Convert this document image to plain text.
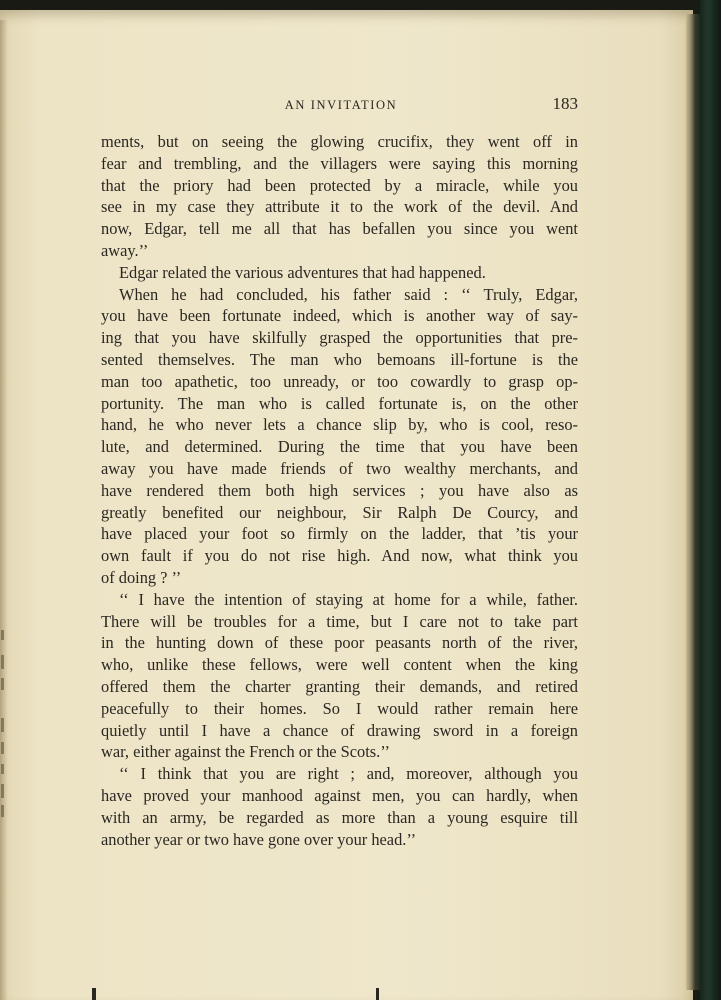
AN INVITATION	183
ments, but on seeing the glowing crucifix, they went off in
fear and trembling, and the villagers were saying this morning
that the priory had been protected by a miracle, while you
see in my case they attribute it to the work of the devil. And
now, Edgar, tell me all that has befallen you since you went
away.’’
Edgar related the various adventures that had happened.
When he had concluded, his father said : ‘‘ Truly, Edgar,
you have been fortunate indeed, which is another way of say-
ing that you have skilfully grasped the opportunities that pre-
sented themselves. The man who bemoans ill-fortune is the
man too apathetic, too unready, or too cowardly to grasp op-
portunity. The man who is called fortunate is, on the other
hand, he who never lets a chance slip by, who is cool, reso-
lute, and determined. During the time that you have been
away you have made friends of two wealthy merchants, and
have rendered them both high services ; you have also as
greatly benefited our neighbour, Sir Ralph De Courcy, and
have placed your foot so firmly on the ladder, that ’tis your
own fault if you do not rise high. And now, what think you
of doing ? ’’
‘‘ I have the intention of staying at home for a while, father.
There will be troubles for a time, but I care not to take part
in the hunting down of these poor peasants north of the river,
who, unlike these fellows, were well content when the king
offered them the charter granting their demands, and retired
peacefully to their homes. So I would rather remain here
quietly until I have a chance of drawing sword in a foreign
war, either against the French or the Scots.’’
‘‘ I think that you are right ; and, moreover, although you
have proved your manhood against men, you can hardly, when
with an army, be regarded as more than a young esquire till
another year or two have gone over your head.’’
